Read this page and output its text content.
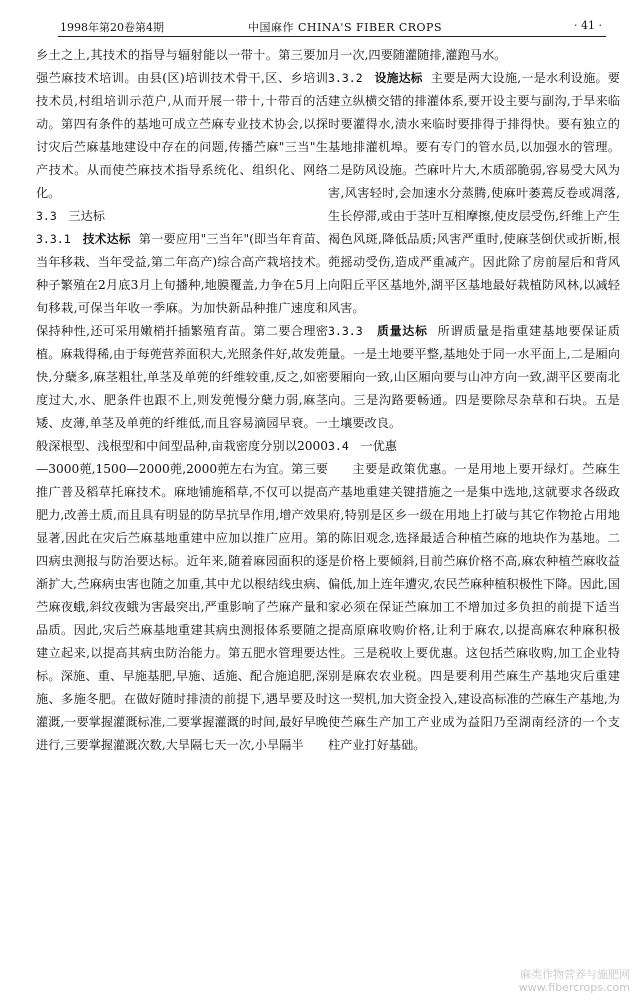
1998年第20卷第4期	中国麻作 CHINA'S FIBER CROPS	· 41 ·

乡土之上,其技术的指导与辐射能以一带十。第三要加强苎麻技术培训。由县(区)培训技术骨干,区、乡培训技术员,村组培训示范户,从而开展一带十,十带百的活动。第四有条件的基地可成立苎麻专业技术协会,以探讨灾后苎麻基地建设中存在的问题,传播苎麻"三当"生产技术。从而使苎麻技术指导系统化、组织化、网络化。

3.3 三达标

3.3.1 技术达标 第一要应用"三当年"(即当年育苗、当年移栽、当年受益,第二年高产)综合高产栽培技术。种子繁殖在2月底3月上旬播种,地膜覆盖,力争在5月上旬移栽,可保当年收一季麻。为加快新品种推广速度和保持种性,还可采用嫩梢扦插繁殖育苗。第二要合理密植。麻栽得稀,由于每蔸营养面积大,光照条件好,故发蔸快,分蘖多,麻茎粗壮,单茎及单蔸的纤维较重,反之,如密度过大,水、肥条件也跟不上,则发蔸慢分蘖力弱,麻茎矮、皮薄,单茎及单蔸的纤维低,而且容易滴园早衰。一般深根型、浅根型和中间型品种,亩栽密度分别以2000—3000蔸,1500—2000蔸,2000蔸左右为宜。第三要推广普及稻草托麻技术。麻地铺施稻草,不仅可以提高肥力,改善土质,而且具有明显的防旱抗旱作用,增产效果显著,因此在灾后苎麻基地重建中应加以推广应用。第四病虫测报与防治要达标。近年来,随着麻园面积的逐渐扩大,苎麻病虫害也随之加重,其中尤以根结线虫病、苎麻夜蛾,斜纹夜蛾为害最突出,严重影响了苎麻产量和品质。因此,灾后苎麻基地重建其病虫测报体系要随之建立起来,以提高其病虫防治能力。第五肥水管理要达标。深施、重、早施基肥,早施、适施、配合施追肥,深施、多施冬肥。在做好随时排渍的前提下,遇旱要及时灌溉,一要掌握灌溉标准,二要掌握灌溉的时间,最好早晚进行,三要掌握灌溉次数,大旱隔七天一次,小旱隔半

月一次,四要随灌随排,灌跑马水。

3.3.2 设施达标 主要是两大设施,一是水利设施。要建立纵横交错的排灌体系,要开设主要与副沟,于旱来临时要灌得水,渍水来临时要排得于排得快。要有独立的基地排灌机埠。要有专门的管水员,以加强水的管理。二是防风设施。苎麻叶片大,木质部脆弱,容易受大风为害,风害轻时,会加速水分蒸腾,使麻叶萎蔫反卷或凋落,生长停滞,或由于茎叶互相摩擦,使皮层受伤,纤维上产生褐色风斑,降低品质;风害严重时,使麻茎倒伏或折断,根蔸摇动受伤,造成严重减产。因此除了房前屋后和背风向阳丘平区基地外,湖平区基地最好栽植防风林,以减轻风害。

3.3.3 质量达标 所谓质量是指重建基地要保证质量。一是土地要平整,基地处于同一水平面上,二是厢向要厢向一致,山区厢向要与山冲方向一致,湖平区要南北向。三是沟路要畅通。四是要除尽杂草和石块。五是土壤要改良。

3.4 一优惠

主要是政策优惠。一是用地上要开绿灯。苎麻生产基地重建关键措施之一是集中选地,这就要求各级政府,特别是区乡一级在用地上打破与其它作物抢占用地的陈旧观念,选择最适合种植苎麻的地块作为基地。二是价格上要倾斜,目前苎麻价格不高,麻农种植苎麻收益偏低,加上连年遭灾,农民苎麻种植积极性下降。因此,国家必须在保证苎麻加工不增加过多负担的前提下适当提高原麻收购价格,让利于麻农,以提高麻农种麻积极性。三是税收上要优惠。这包括苎麻收购,加工企业特别是麻农农业税。四是要利用苎麻生产基地灾后重建这一契机,加大资金投入,建设高标准的苎麻生产基地,为使苎麻生产加工产业成为益阳乃至湖南经济的一个支柱产业打好基础。

麻类作物营养与施肥网
www.fibercrops.com
